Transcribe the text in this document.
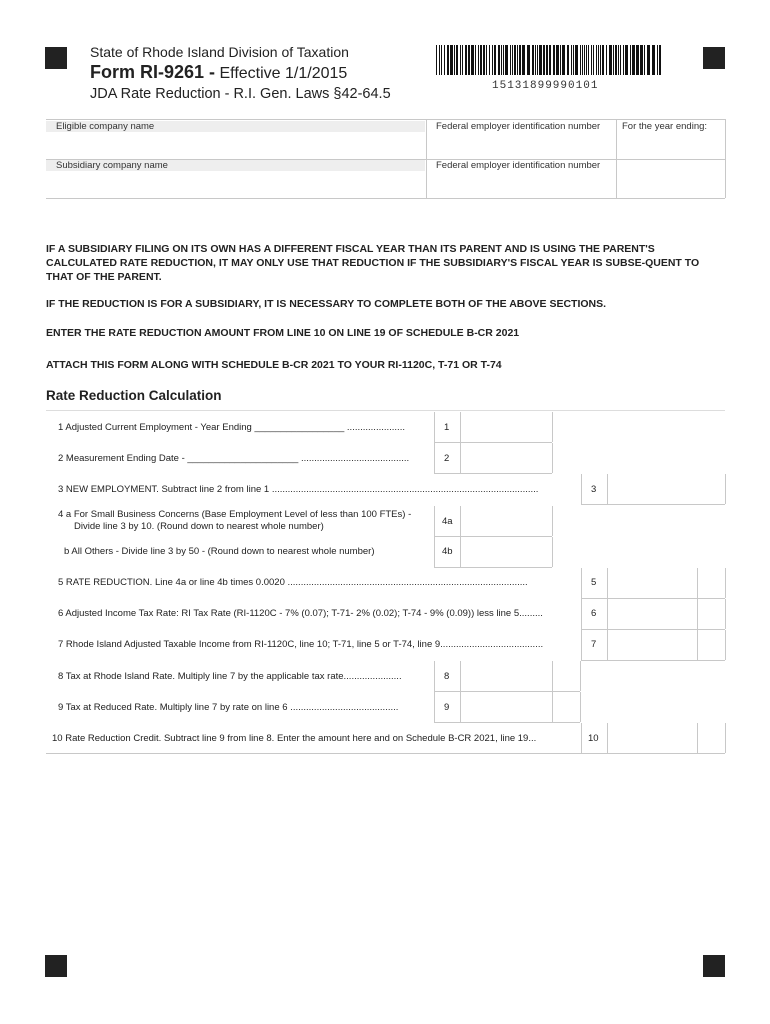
State of Rhode Island Division of Taxation
Form RI-9261 - Effective 1/1/2015
JDA Rate Reduction - R.I. Gen. Laws §42-64.5	15131899990101
Eligible company name	Federal employer identification number For the year ending:
Subsidiary company name	Federal employer identification number
IF A SUBSIDIARY FILING ON ITS OWN HAS A DIFFERENT FISCAL YEAR THAN ITS PARENT AND IS USING THE PARENT'S CALCULATED RATE REDUCTION, IT MAY ONLY USE THAT REDUCTION IF THE SUBSIDIARY'S FISCAL YEAR IS SUBSE-QUENT TO THAT OF THE PARENT.
IF THE REDUCTION IS FOR A SUBSIDIARY, IT IS NECESSARY TO COMPLETE BOTH OF THE ABOVE SECTIONS.
ENTER THE RATE REDUCTION AMOUNT FROM LINE 10 ON LINE 19 OF SCHEDULE B-CR 2021
ATTACH THIS FORM ALONG WITH SCHEDULE B-CR 2021 TO YOUR RI-1120C, T-71 OR T-74
Rate Reduction Calculation
1 Adjusted Current Employment - Year Ending _________________ ......................	1
2 Measurement Ending Date - _____________________ .........................................	2
3 NEW EMPLOYMENT. Subtract line 2 from line 1 .....................................................................................................	3
4 a For Small Business Concerns (Base Employment Level of less than 100 FTEs) -
Divide line 3 by 10. (Round down to nearest whole number)	4a
b All Others - Divide line 3 by 50 - (Round down to nearest whole number)	4b
5 RATE REDUCTION. Line 4a or line 4b times 0.0020 ...........................................................................................	5
6 Adjusted Income Tax Rate: RI Tax Rate (RI-1120C - 7% (0.07); T-71- 2% (0.02); T-74 - 9% (0.09)) less line 5.........	6
7 Rhode Island Adjusted Taxable Income from RI-1120C, line 10; T-71, line 5 or T-74, line 9.......................................	7
8 Tax at Rhode Island Rate. Multiply line 7 by the applicable tax rate......................	8
9 Tax at Reduced Rate. Multiply line 7 by rate on line 6 .........................................	9
10 Rate Reduction Credit. Subtract line 9 from line 8. Enter the amount here and on Schedule B-CR 2021, line 19...	10
